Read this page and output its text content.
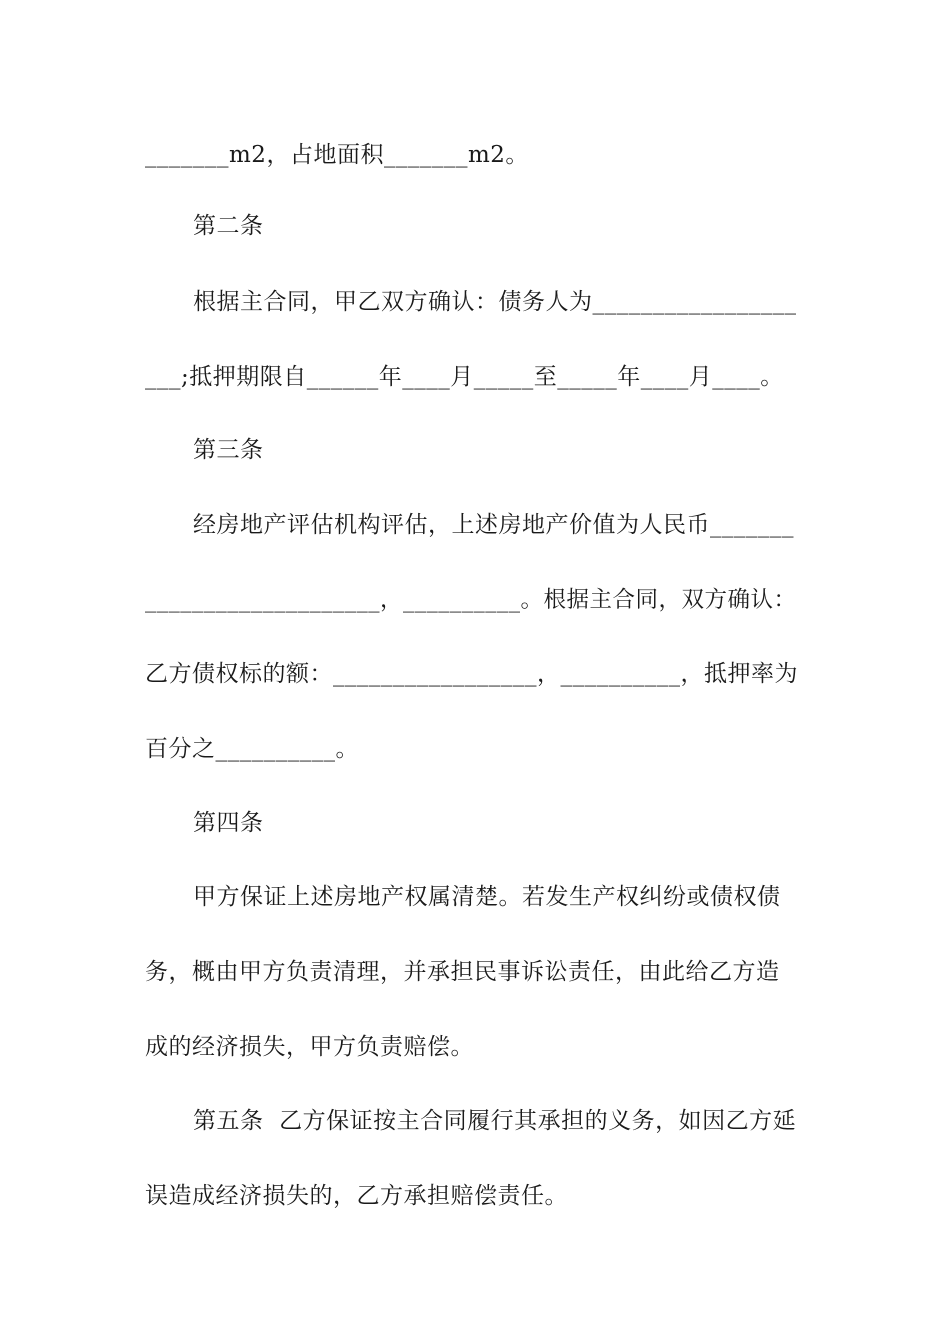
_______m2，占地面积_______m2。
第二条
根据主合同，甲乙双方确认：债务人为_________________
___;抵押期限自______年____月_____至_____年____月____。
第三条
经房地产评估机构评估，上述房地产价值为人民币_______
____________________，__________。根据主合同，双方确认：
乙方债权标的额：_________________，__________，抵押率为
百分之__________。
第四条
甲方保证上述房地产权属清楚。若发生产权纠纷或债权债
务，概由甲方负责清理，并承担民事诉讼责任，由此给乙方造
成的经济损失，甲方负责赔偿。
第五条  乙方保证按主合同履行其承担的义务，如因乙方延
误造成经济损失的，乙方承担赔偿责任。
